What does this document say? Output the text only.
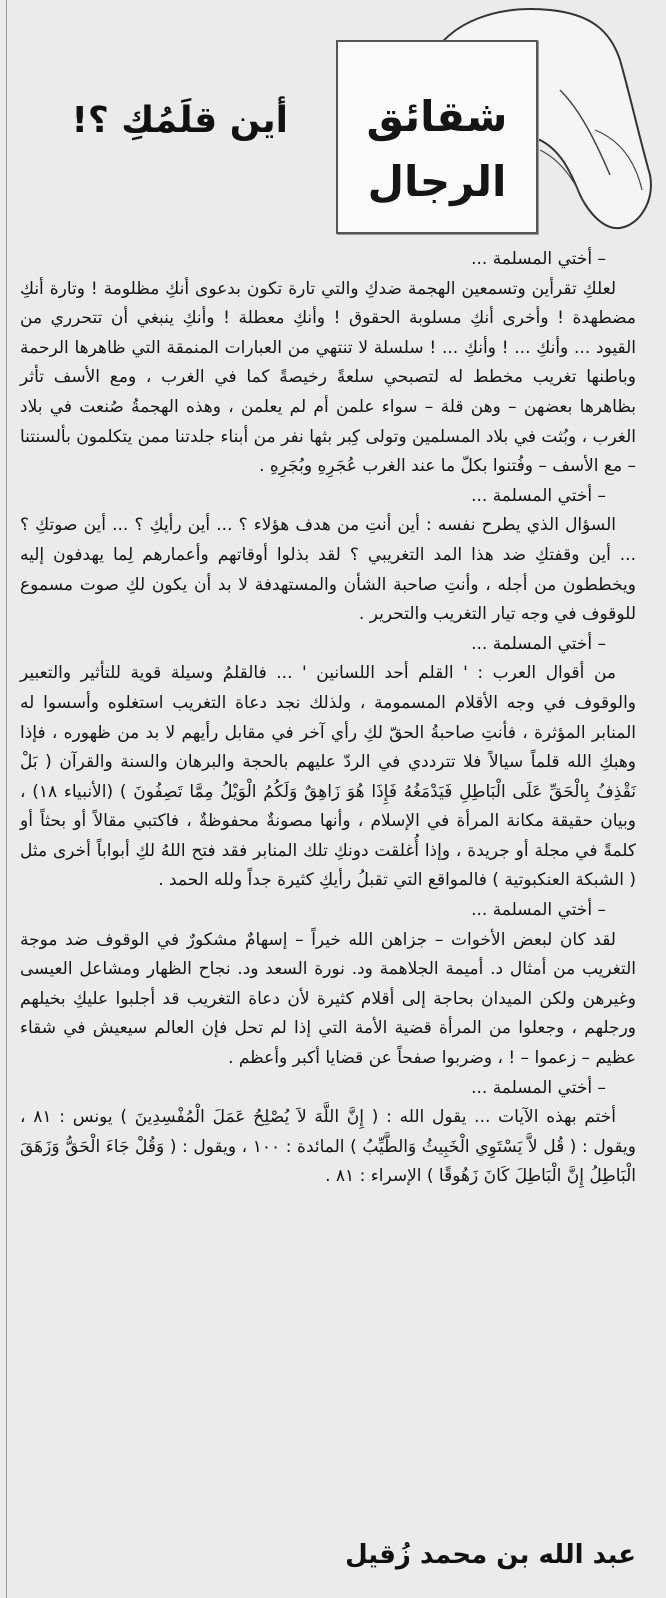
شقائق
الرجال
أين قلَمُكِ ؟!

– أختي المسلمة ...

لعلكِ تقرأين وتسمعين الهجمة ضدكِ والتي تارة تكون بدعوى أنكِ مظلومة ! وتارة أنكِ مضطهدة ! وأخرى أنكِ مسلوبة الحقوق ! وأنكِ معطلة ! وأنكِ ينبغي أن تتحرري من القيود ... وأنكِ ... ! وأنكِ ... ! سلسلة لا تنتهي من العبارات المنمقة التي ظاهرها الرحمة وباطنها تغريب مخطط له لتصبحي سلعةً رخيصةً كما في الغرب ، ومع الأسف تأثر بظاهرها بعضهن – وهن قلة – سواء علمن أم لم يعلمن ، وهذه الهجمةُ صُنعت في بلاد الغرب ، وبُثت في بلاد المسلمين وتولى كِبر بثها نفر من أبناء جلدتنا ممن يتكلمون بألسنتنا – مع الأسف – وفُتنوا بكلّ ما عند الغرب عُجَرِهِ وبُجَرِهِ .

– أختي المسلمة ...

السؤال الذي يطرح نفسه : أين أنتِ من هدف هؤلاء ؟ ... أين رأيكِ ؟ ... أين صوتكِ ؟ ... أين وقفتكِ ضد هذا المد التغريبي ؟ لقد بذلوا أوقاتهم وأعمارهم لِما يهدفون إليه ويخططون من أجله ، وأنتِ صاحبة الشأن والمستهدفة لا بد أن يكون لكِ صوت مسموع للوقوف في وجه تيار التغريب والتحرير .

– أختي المسلمة ...

من أقوال العرب : ' القلم أحد اللسانين ' ... فالقلمُ وسيلة قوية للتأثير والتعبير والوقوف في وجه الأقلام المسمومة ، ولذلك نجد دعاة التغريب استغلوه وأسسوا له المنابر المؤثرة ، فأنتِ صاحبةُ الحقّ لكِ رأي آخر في مقابل رأيهم لا بد من ظهوره ، فإذا وهبكِ الله قلماً سيالاً فلا تترددي في الردّ عليهم بالحجة والبرهان والسنة والقرآن ( بَلْ نَقْذِفُ بِالْحَقِّ عَلَى الْبَاطِلِ فَيَدْمَغُهُ فَإِذَا هُوَ زَاهِقٌ وَلَكُمُ الْوَيْلُ مِمَّا تَصِفُونَ ) (الأنبياء ١٨) ، وبيان حقيقة مكانة المرأة في الإسلام ، وأنها مصونةٌ محفوظةٌ ، فاكتبي مقالاً أو بحثاً أو كلمةً في مجلة أو جريدة ، وإذا أُغلقت دونكِ تلك المنابر فقد فتح اللهُ لكِ أبواباً أخرى مثل ( الشبكة العنكبوتية ) فالمواقع التي تقبلُ رأيكِ كثيرة جداً ولله الحمد .

– أختي المسلمة ...

لقد كان لبعض الأخوات – جزاهن الله خيراً – إسهامٌ مشكورٌ في الوقوف ضد موجة التغريب من أمثال د. أميمة الجلاهمة ود. نورة السعد ود. نجاح الظهار ومشاعل العيسى وغيرهن ولكن الميدان بحاجة إلى أقلام كثيرة لأن دعاة التغريب قد أجلبوا عليكِ بخيلهم ورجلهم ، وجعلوا من المرأة قضية الأمة التي إذا لم تحل فإن العالم سيعيش في شقاء عظيم – زعموا – ! ، وضربوا صفحاً عن قضايا أكبر وأعظم .

– أختي المسلمة ...

أختم بهذه الآيات ... يقول الله : ( إِنَّ اللَّهَ لاَ يُصْلِحُ عَمَلَ الْمُفْسِدِينَ ) يونس : ٨١ ، ويقول : ( قُل لاَّ يَسْتَوِي الْخَبِيثُ وَالطَّيِّبُ ) المائدة : ١٠٠ ، ويقول : ( وَقُلْ جَاءَ الْحَقُّ وَزَهَقَ الْبَاطِلُ إِنَّ الْبَاطِلَ كَانَ زَهُوقًا ) الإسراء : ٨١ .

عبد الله بن محمد زُقيل
